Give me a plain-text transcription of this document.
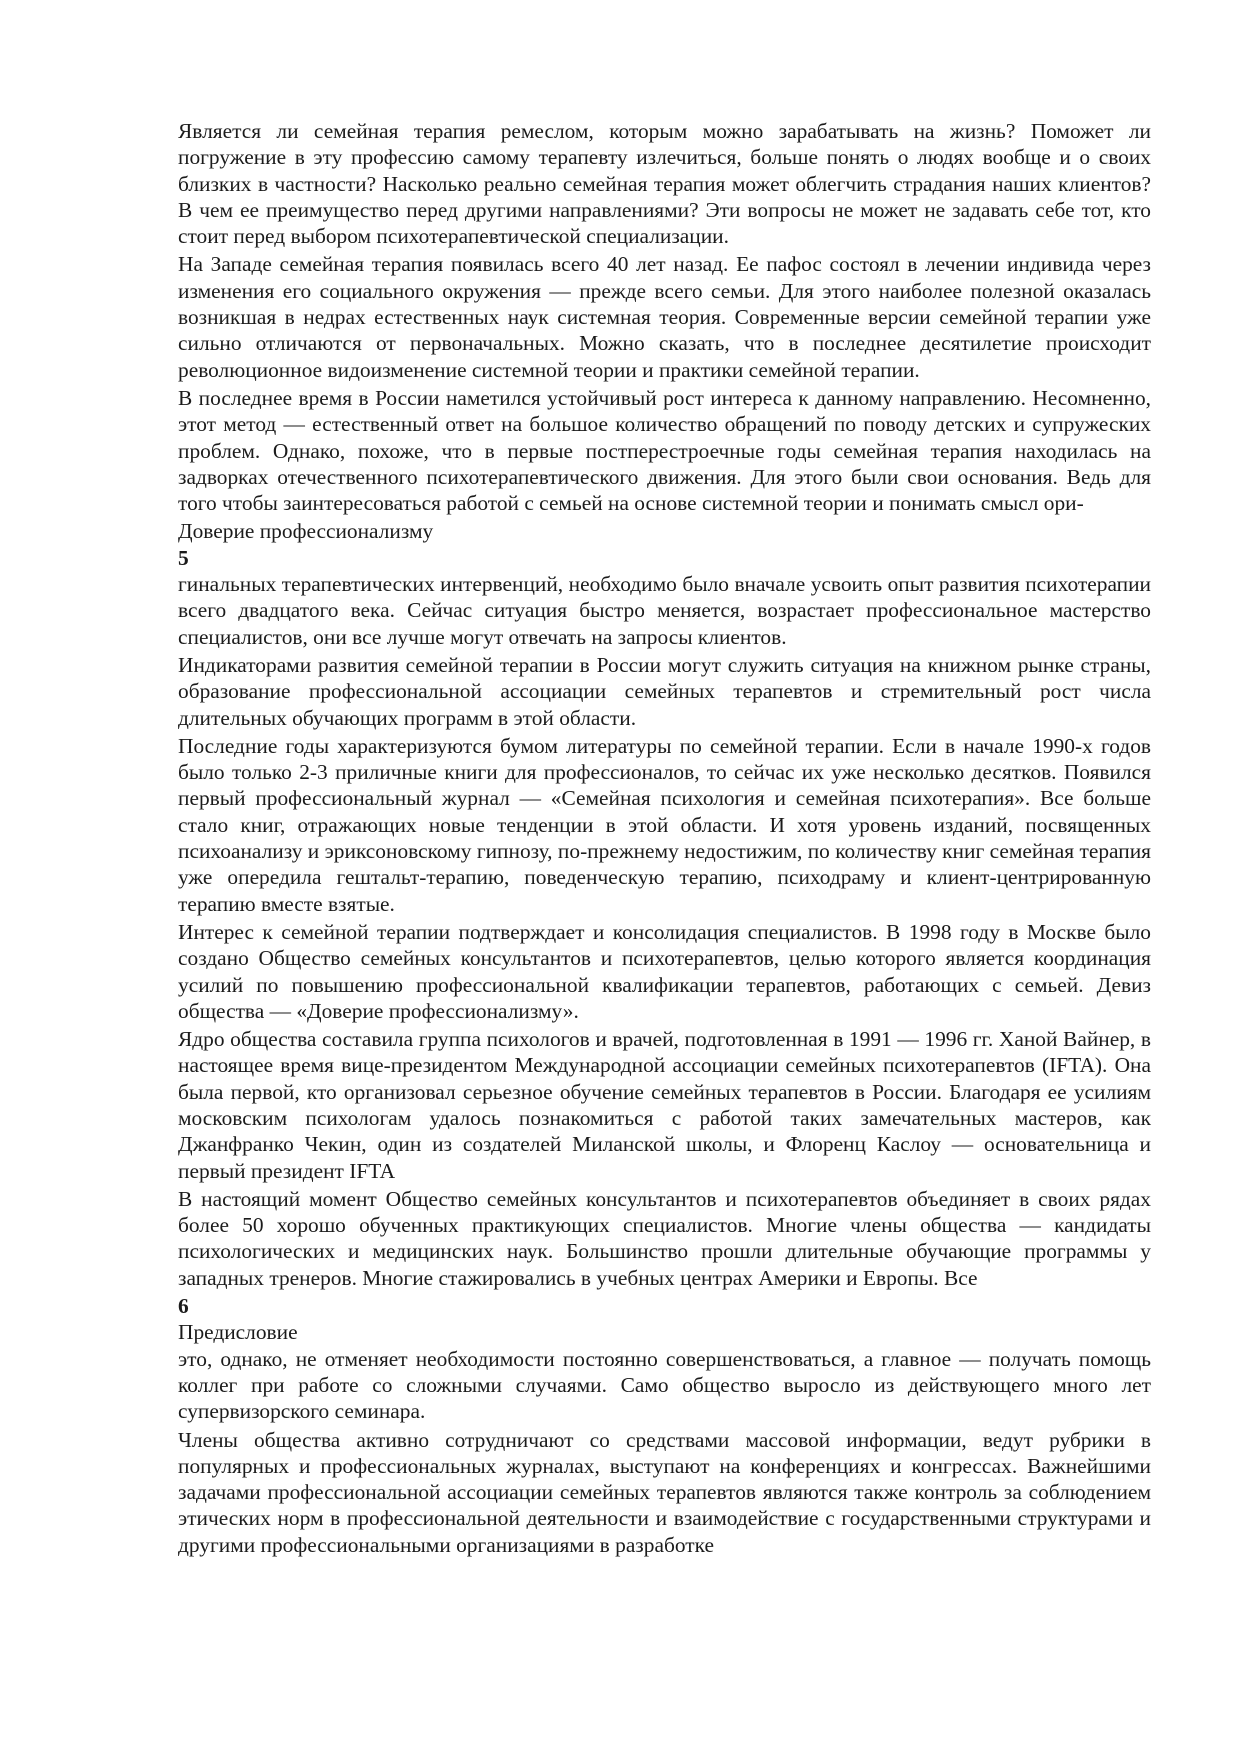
Является ли семейная терапия ремеслом, которым можно зарабатывать на жизнь? Поможет ли погружение в эту профессию самому терапевту излечиться, больше понять о людях вообще и о своих близких в частности? Насколько реально семейная терапия может облегчить страдания наших клиентов? В чем ее преимущество перед другими направлениями? Эти вопросы не может не задавать себе тот, кто стоит перед выбором психотерапевтической специализации.

На Западе семейная терапия появилась всего 40 лет назад. Ее пафос состоял в лечении индивида через изменения его социального окружения — прежде всего семьи. Для этого наиболее полезной оказалась возникшая в недрах естественных наук системная теория. Современные версии семейной терапии уже сильно отличаются от первоначальных. Можно сказать, что в последнее десятилетие происходит революционное видоизменение системной теории и практики семейной терапии.

В последнее время в России наметился устойчивый рост интереса к данному направлению. Несомненно, этот метод — естественный ответ на большое количество обращений по поводу детских и супружеских проблем. Однако, похоже, что в первые постперестроечные годы семейная терапия находилась на задворках отечественного психотерапевтического движения. Для этого были свои основания. Ведь для того чтобы заинтересоваться работой с семьей на основе системной теории и понимать смысл ори-

Доверие профессионализму
5

гинальных терапевтических интервенций, необходимо было вначале усвоить опыт развития психотерапии всего двадцатого века. Сейчас ситуация быстро меняется, возрастает профессиональное мастерство специалистов, они все лучше могут отвечать на запросы клиентов.

Индикаторами развития семейной терапии в России могут служить ситуация на книжном рынке страны, образование профессиональной ассоциации семейных терапевтов и стремительный рост числа длительных обучающих программ в этой области.

Последние годы характеризуются бумом литературы по семейной терапии. Если в начале 1990-х годов было только 2-3 приличные книги для профессионалов, то сейчас их уже несколько десятков. Появился первый профессиональный журнал — «Семейная психология и семейная психотерапия». Все больше стало книг, отражающих новые тенденции в этой области. И хотя уровень изданий, посвященных психоанализу и эриксоновскому гипнозу, по-прежнему недостижим, по количеству книг семейная терапия уже опередила гештальт-терапию, поведенческую терапию, психодраму и клиент-центрированную терапию вместе взятые.

Интерес к семейной терапии подтверждает и консолидация специалистов. В 1998 году в Москве было создано Общество семейных консультантов и психотерапевтов, целью которого является координация усилий по повышению профессиональной квалификации терапевтов, работающих с семьей. Девиз общества — «Доверие профессионализму».

Ядро общества составила группа психологов и врачей, подготовленная в 1991 — 1996 гг. Ханой Вайнер, в настоящее время вице-президентом Международной ассоциации семейных психотерапевтов (IFTA). Она была первой, кто организовал серьезное обучение семейных терапевтов в России. Благодаря ее усилиям московским психологам удалось познакомиться с работой таких замечательных мастеров, как Джанфранко Чекин, один из создателей Миланской школы, и Флоренц Каслоу — основательница и первый президент IFTA

В настоящий момент Общество семейных консультантов и психотерапевтов объединяет в своих рядах более 50 хорошо обученных практикующих специалистов. Многие члены общества — кандидаты психологических и медицинских наук. Большинство прошли длительные обучающие программы у западных тренеров. Многие стажировались в учебных центрах Америки и Европы. Все

6
Предисловие

это, однако, не отменяет необходимости постоянно совершенствоваться, а главное — получать помощь коллег при работе со сложными случаями. Само общество выросло из действующего много лет супервизорского семинара.

Члены общества активно сотрудничают со средствами массовой информации, ведут рубрики в популярных и профессиональных журналах, выступают на конференциях и конгрессах. Важнейшими задачами профессиональной ассоциации семейных терапевтов являются также контроль за соблюдением этических норм в профессиональной деятельности и взаимодействие с государственными структурами и другими профессиональными организациями в разработке
